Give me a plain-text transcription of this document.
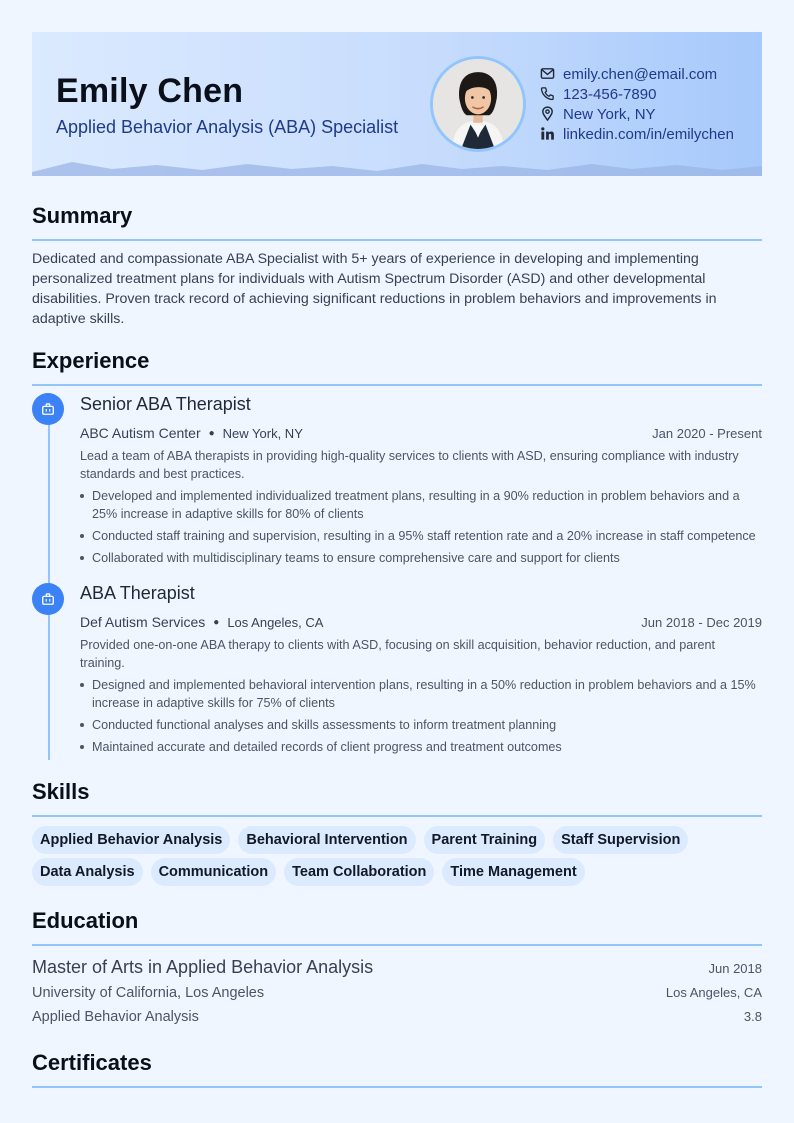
Emily Chen
Applied Behavior Analysis (ABA) Specialist
emily.chen@email.com
123-456-7890
New York, NY
linkedin.com/in/emilychen
Summary
Dedicated and compassionate ABA Specialist with 5+ years of experience in developing and implementing personalized treatment plans for individuals with Autism Spectrum Disorder (ASD) and other developmental disabilities. Proven track record of achieving significant reductions in problem behaviors and improvements in adaptive skills.
Experience
Senior ABA Therapist
ABC Autism Center ● New York, NY	Jan 2020 - Present
Lead a team of ABA therapists in providing high-quality services to clients with ASD, ensuring compliance with industry standards and best practices.
Developed and implemented individualized treatment plans, resulting in a 90% reduction in problem behaviors and a 25% increase in adaptive skills for 80% of clients
Conducted staff training and supervision, resulting in a 95% staff retention rate and a 20% increase in staff competence
Collaborated with multidisciplinary teams to ensure comprehensive care and support for clients
ABA Therapist
Def Autism Services ● Los Angeles, CA	Jun 2018 - Dec 2019
Provided one-on-one ABA therapy to clients with ASD, focusing on skill acquisition, behavior reduction, and parent training.
Designed and implemented behavioral intervention plans, resulting in a 50% reduction in problem behaviors and a 15% increase in adaptive skills for 75% of clients
Conducted functional analyses and skills assessments to inform treatment planning
Maintained accurate and detailed records of client progress and treatment outcomes
Skills
Applied Behavior Analysis	Behavioral Intervention	Parent Training	Staff Supervision
Data Analysis	Communication	Team Collaboration	Time Management
Education
Master of Arts in Applied Behavior Analysis	Jun 2018
University of California, Los Angeles	Los Angeles, CA
Applied Behavior Analysis	3.8
Certificates
